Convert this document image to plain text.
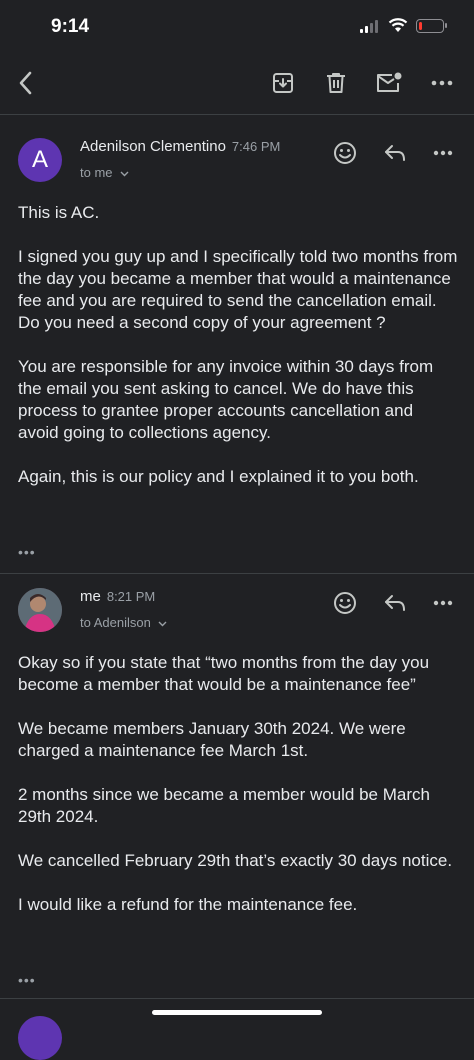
9:14
A	Adenilson Clementino 7:46 PM
to me

This is AC.

I signed you guy up and I specifically told two months from the day you became a member that would a maintenance fee and you are required to send the cancellation email. Do you need a second copy of your agreement ?

You are responsible for any invoice within 30 days from the email you sent asking to cancel. We do have this process to grantee proper accounts cancellation and avoid going to collections agency.

Again, this is our policy and I explained it to you both.

•••
me 8:21 PM
to Adenilson

Okay so if you state that “two months from the day you become a member that would be a maintenance fee”

We became members January 30th 2024. We were charged a maintenance fee March 1st.

2 months since we became a member would be March 29th 2024.

We cancelled February 29th that’s exactly 30 days notice.

I would like a refund for the maintenance fee.

•••
